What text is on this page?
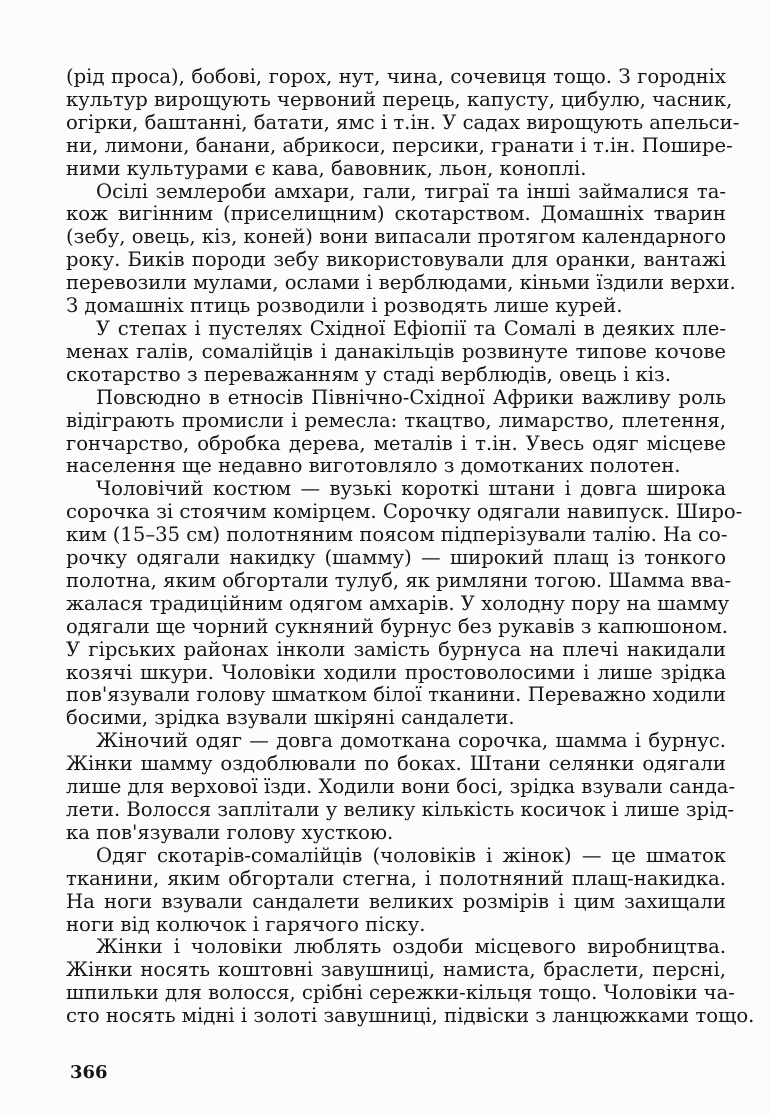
(рід проса), бобові, горох, нут, чина, сочевиця тощо. З городніх
культур вирощують червоний перець, капусту, цибулю, часник,
огірки, баштанні, батати, ямс і т.ін. У садах вирощують апельси-
ни, лимони, банани, абрикоси, персики, гранати і т.ін. Пошире-
ними культурами є кава, бавовник, льон, коноплі.

Осілі землероби амхари, гали, тиграї та інші займалися та-
кож вигінним (приселищним) скотарством. Домашніх тварин
(зебу, овець, кіз, коней) вони випасали протягом календарного
року. Биків породи зебу використовували для оранки, вантажі
перевозили мулами, ослами і верблюдами, кіньми їздили верхи.
З домашніх птиць розводили і розводять лише курей.

У степах і пустелях Східної Ефіопії та Сомалі в деяких пле-
менах галів, сомалійців і данакільців розвинуте типове кочове
скотарство з переважанням у стаді верблюдів, овець і кіз.

Повсюдно в етносів Північно-Східної Африки важливу роль
відіграють промисли і ремесла: ткацтво, лимарство, плетення,
гончарство, обробка дерева, металів і т.ін. Увесь одяг місцеве
населення ще недавно виготовляло з домотканих полотен.

Чоловічий костюм — вузькі короткі штани і довга широка
сорочка зі стоячим комірцем. Сорочку одягали навипуск. Широ-
ким (15–35 см) полотняним поясом підперізували талію. На со-
рочку одягали накидку (шамму) — широкий плащ із тонкого
полотна, яким обгортали тулуб, як римляни тогою. Шамма вва-
жалася традиційним одягом амхарів. У холодну пору на шамму
одягали ще чорний сукняний бурнус без рукавів з капюшоном.
У гірських районах інколи замість бурнуса на плечі накидали
козячі шкури. Чоловіки ходили простоволосими і лише зрідка
пов'язували голову шматком білої тканини. Переважно ходили
босими, зрідка взували шкіряні сандалети.

Жіночий одяг — довга домоткана сорочка, шамма і бурнус.
Жінки шамму оздоблювали по боках. Штани селянки одягали
лише для верхової їзди. Ходили вони босі, зрідка взували санда-
лети. Волосся заплітали у велику кількість косичок і лише зрід-
ка пов'язували голову хусткою.

Одяг скотарів-сомалійців (чоловіків і жінок) — це шматок
тканини, яким обгортали стегна, і полотняний плащ-накидка.
На ноги взували сандалети великих розмірів і цим захищали
ноги від колючок і гарячого піску.

Жінки і чоловіки люблять оздоби місцевого виробництва.
Жінки носять коштовні завушниці, намиста, браслети, персні,
шпильки для волосся, срібні сережки-кільця тощо. Чоловіки ча-
сто носять мідні і золоті завушниці, підвіски з ланцюжками тощо.

366
